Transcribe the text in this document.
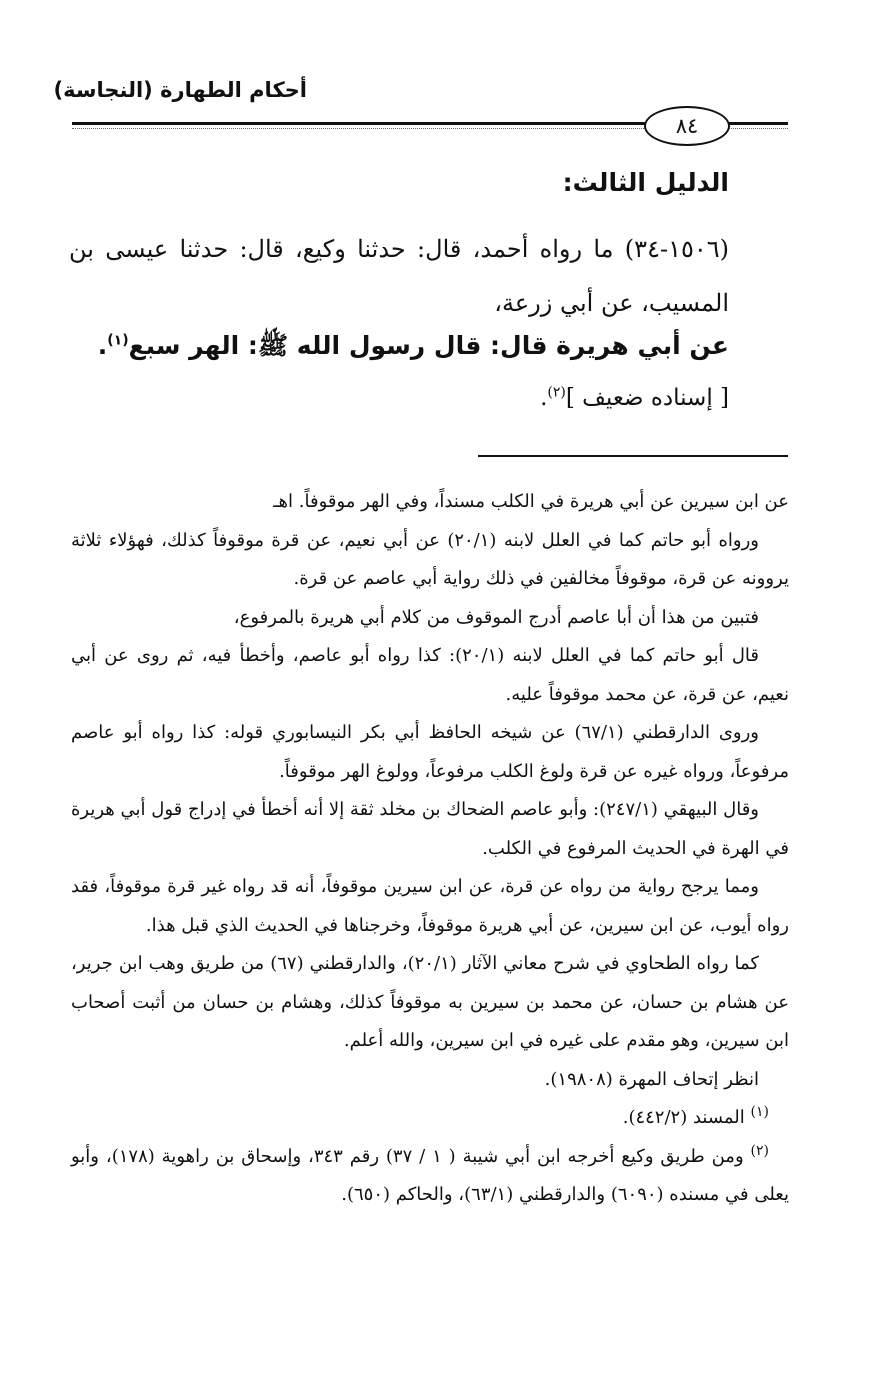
أحكام الطهارة (النجاسة)
٨٤
الدليل الثالث:

(١٥٠٦-٣٤) ما رواه أحمد، قال: حدثنا وكيع، قال: حدثنا عيسى بن المسيب، عن أبي زرعة،

عن أبي هريرة قال: قال رسول الله ﷺ: الهر سبع$^{(١)}$.

[ إسناده ضعيف ]$^{(٢)}$.

عن ابن سيرين عن أبي هريرة في الكلب مسنداً، وفي الهر موقوفاً. اهـ

ورواه أبو حاتم كما في العلل لابنه (٢٠/١) عن أبي نعيم، عن قرة موقوفاً كذلك، فهؤلاء ثلاثة يروونه عن قرة، موقوفاً مخالفين في ذلك رواية أبي عاصم عن قرة.

فتبين من هذا أن أبا عاصم أدرج الموقوف من كلام أبي هريرة بالمرفوع،

قال أبو حاتم كما في العلل لابنه (٢٠/١): كذا رواه أبو عاصم، وأخطأ فيه، ثم روى عن أبي نعيم، عن قرة، عن محمد موقوفاً عليه.

وروى الدارقطني (٦٧/١) عن شيخه الحافظ أبي بكر النيسابوري قوله: كذا رواه أبو عاصم مرفوعاً، ورواه غيره عن قرة ولوغ الكلب مرفوعاً، وولوغ الهر موقوفاً.

وقال البيهقي (٢٤٧/١): وأبو عاصم الضحاك بن مخلد ثقة إلا أنه أخطأ في إدراج قول أبي هريرة في الهرة في الحديث المرفوع في الكلب.

ومما يرجح رواية من رواه عن قرة، عن ابن سيرين موقوفاً، أنه قد رواه غير قرة موقوفاً، فقد رواه أيوب، عن ابن سيرين، عن أبي هريرة موقوفاً، وخرجناها في الحديث الذي قبل هذا.

كما رواه الطحاوي في شرح معاني الآثار (٢٠/١)، والدارقطني (٦٧) من طريق وهب ابن جرير، عن هشام بن حسان، عن محمد بن سيرين به موقوفاً كذلك، وهشام بن حسان من أثبت أصحاب ابن سيرين، وهو مقدم على غيره في ابن سيرين، والله أعلم.

انظر إتحاف المهرة (١٩٨٠٨).

$^{(١)}$ المسند (٤٤٢/٢).

$^{(٢)}$ ومن طريق وكيع أخرجه ابن أبي شيبة ( ١ / ٣٧) رقم ٣٤٣، وإسحاق بن راهوية (١٧٨)، وأبو يعلى في مسنده (٦٠٩٠) والدارقطني (٦٣/١)، والحاكم (٦٥٠).
